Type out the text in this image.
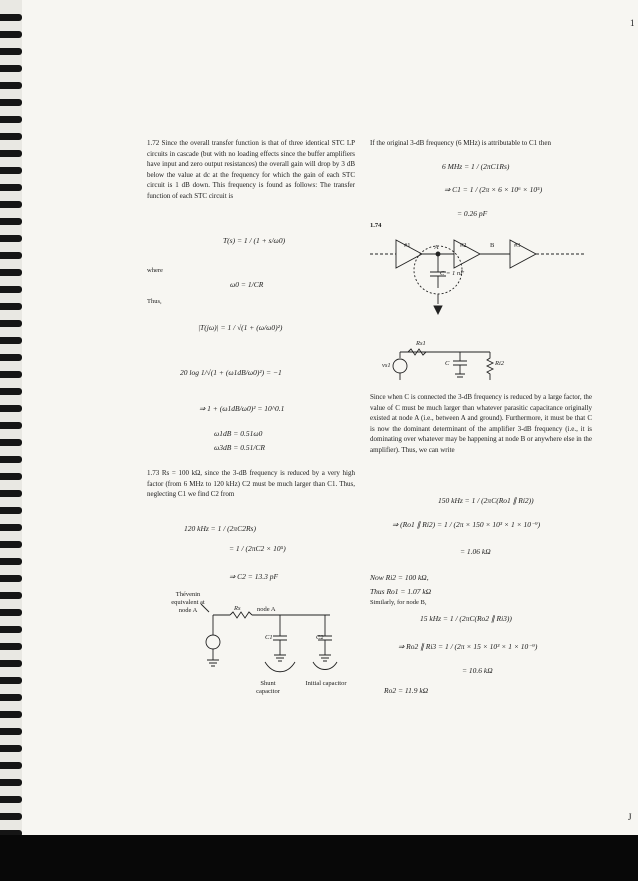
1
J

1.72 Since the overall transfer function is that of three identical STC LP circuits in cascade (but with no loading effects since the buffer amplifiers have input and zero output resistances) the overall gain will drop by 3 dB below the value at dc at the frequency for which the gain of each STC circuit is 1 dB down. This frequency is found as follows: The transfer function of each STC circuit is

T(s) = 1 / (1 + s/ω0)
where
ω0 = 1/CR
Thus,
|T(jω)| = 1 / √(1 + (ω/ω0)²)
20 log 1/√(1 + (ω1dB/ω0)²) = −1
⇒ 1 + (ω1dB/ω0)² = 10^0.1
ω1dB = 0.51ω0
ω3dB = 0.51/CR

1.73 Rs = 100 kΩ, since the 3-dB frequency is reduced by a very high factor (from 6 MHz to 120 kHz) C2 must be much larger than C1. Thus, neglecting C1 we find C2 from

120 kHz = 1 / (2πC2Rs)
= 1 / (2πC2 × 10⁵)
⇒ C2 = 13.3 pF
Thévenin equivalent at node A	Rs	node A
C1	C2
Shunt capacitor
Initial capacitor

If the original 3-dB frequency (6 MHz) is attributable to C1 then

6 MHz = 1 / (2πC1Rs)
⇒ C1 = 1 / (2π × 6 × 10⁶ × 10⁵)
= 0.26 pF
1.74
#1	#2	#3
A	B
C = 1 nF
Rs1
vs1	C	Ri2

Since when C is connected the 3-dB frequency is reduced by a large factor, the value of C must be much larger than whatever parasitic capacitance originally existed at node A (i.e., between A and ground). Furthermore, it must be that C is now the dominant determinant of the amplifier 3-dB frequency (i.e., it is dominating over whatever may be happening at node B or anywhere else in the amplifier). Thus, we can write

150 kHz = 1 / (2πC(Ro1 ∥ Ri2))
⇒ (Ro1 ∥ Ri2) = 1 / (2π × 150 × 10³ × 1 × 10⁻⁹)
= 1.06 kΩ
Now Ri2 = 100 kΩ,
Thus Ro1 = 1.07 kΩ
Similarly, for node B,
15 kHz = 1 / (2πC(Ro2 ∥ Ri3))
⇒ Ro2 ∥ Ri3 = 1 / (2π × 15 × 10³ × 1 × 10⁻⁹)
= 10.6 kΩ
Ro2 = 11.9 kΩ
